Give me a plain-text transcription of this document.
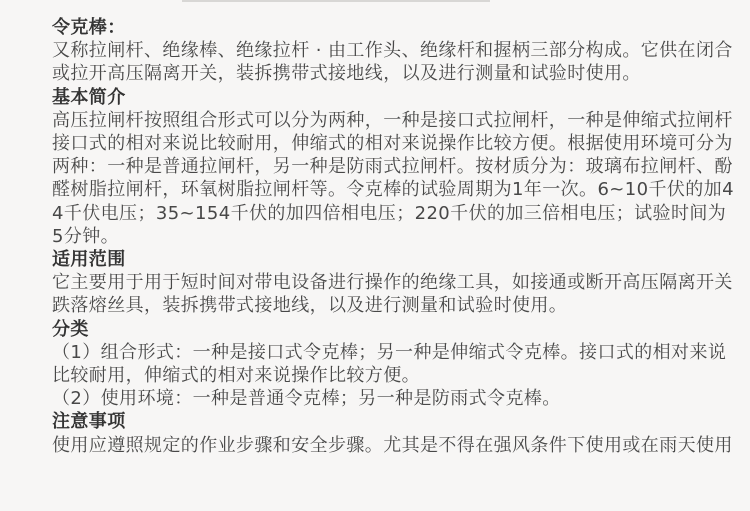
令克棒：

又称拉闸杆、绝缘棒、绝缘拉杆 · 由工作头、绝缘杆和握柄三部分构成。它供在闭合或拉开高压隔离开关，装拆携带式接地线，以及进行测量和试验时使用。

基本简介

高压拉闸杆按照组合形式可以分为两种，一种是接口式拉闸杆，一种是伸缩式拉闸杆接口式的相对来说比较耐用，伸缩式的相对来说操作比较方便。根据使用环境可分为两种：一种是普通拉闸杆，另一种是防雨式拉闸杆。按材质分为：玻璃布拉闸杆、酚醛树脂拉闸杆，环氧树脂拉闸杆等。令克棒的试验周期为1年一次。6~10千伏的加44千伏电压；35~154千伏的加四倍相电压；220千伏的加三倍相电压；试验时间为5分钟。

适用范围

它主要用于用于短时间对带电设备进行操作的绝缘工具，如接通或断开高压隔离开关跌落熔丝具，装拆携带式接地线，以及进行测量和试验时使用。

分类

（1）组合形式：一种是接口式令克棒；另一种是伸缩式令克棒。接口式的相对来说比较耐用，伸缩式的相对来说操作比较方便。

（2）使用环境：一种是普通令克棒；另一种是防雨式令克棒。

注意事项

使用应遵照规定的作业步骤和安全步骤。尤其是不得在强风条件下使用或在雨天使用
